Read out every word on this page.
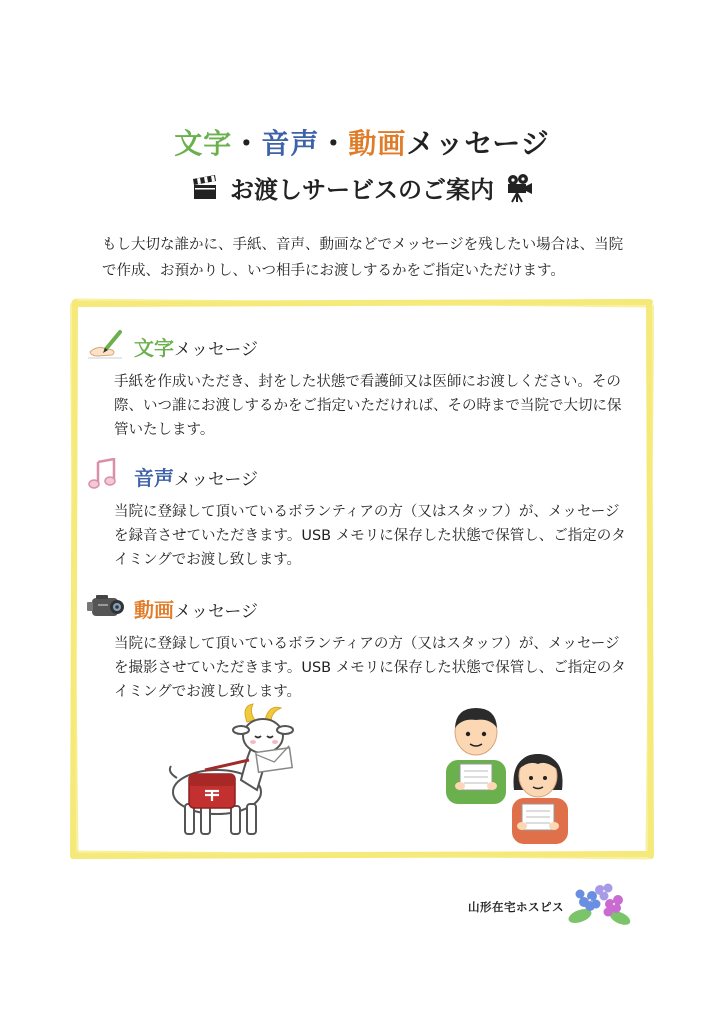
文字・音声・動画メッセージ
お渡しサービスのご案内
もし大切な誰かに、手紙、音声、動画などでメッセージを残したい場合は、当院で作成、お預かりし、いつ相手にお渡しするかをご指定いただけます。
文字メッセージ
手紙を作成いただき、封をした状態で看護師又は医師にお渡しください。その際、いつ誰にお渡しするかをご指定いただければ、その時まで当院で大切に保管いたします。
音声メッセージ
当院に登録して頂いているボランティアの方（又はスタッフ）が、メッセージを録音させていただきます。USB メモリに保存した状態で保管し、ご指定のタイミングでお渡し致します。
動画メッセージ
当院に登録して頂いているボランティアの方（又はスタッフ）が、メッセージを撮影させていただきます。USB メモリに保存した状態で保管し、ご指定のタイミングでお渡し致します。
山形在宅ホスピス
